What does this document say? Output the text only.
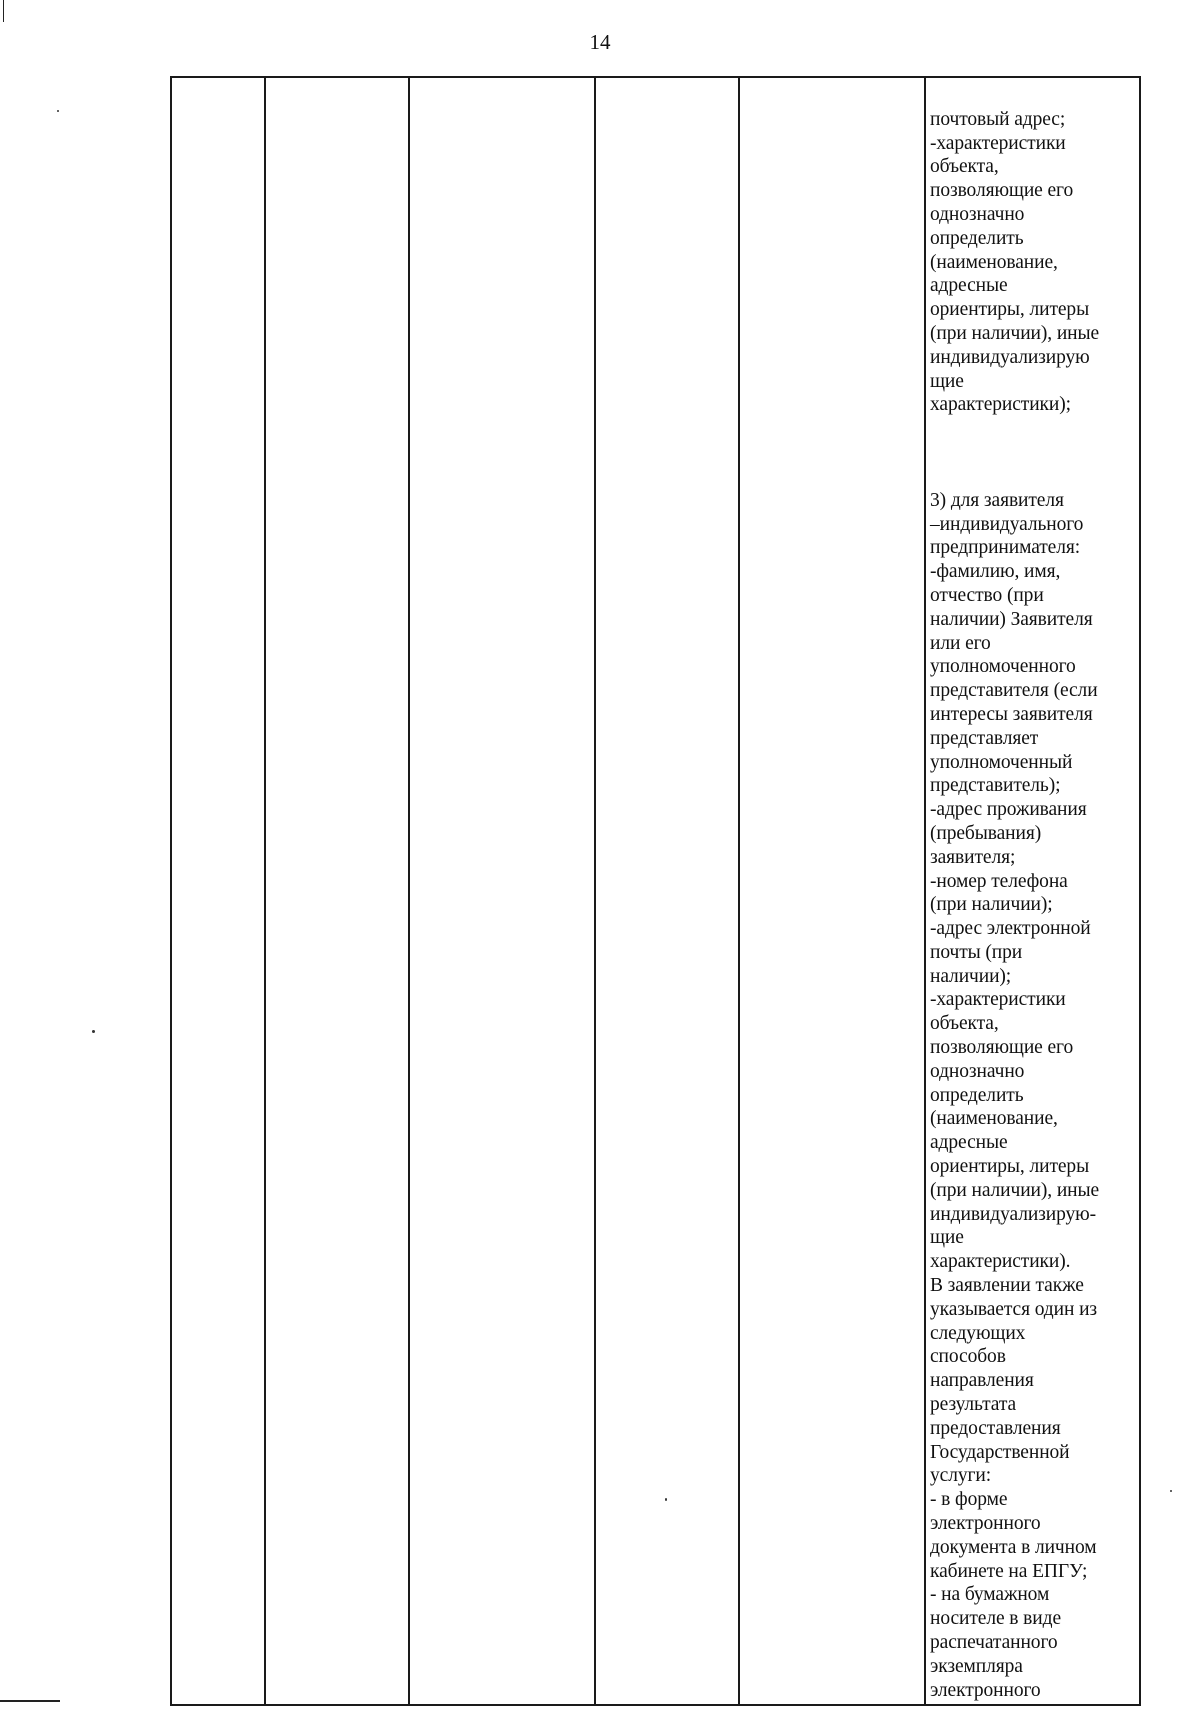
14

почтовый адрес;
-характеристики
объекта,
позволяющие его
однозначно
определить
(наименование,
адресные
ориентиры, литеры
(при наличии), иные
индивидуализирую
щие
характеристики);

3) для заявителя
–индивидуального
предпринимателя:
-фамилию, имя,
отчество (при
наличии) Заявителя
или его
уполномоченного
представителя (если
интересы заявителя
представляет
уполномоченный
представитель);
-адрес проживания
(пребывания)
заявителя;
-номер телефона
(при наличии);
-адрес электронной
почты (при
наличии);
-характеристики
объекта,
позволяющие его
однозначно
определить
(наименование,
адресные
ориентиры, литеры
(при наличии), иные
индивидуализирую-
щие
характеристики).
В заявлении также
указывается один из
следующих
способов
направления
результата
предоставления
Государственной
услуги:
- в форме
электронного
документа в личном
кабинете на ЕПГУ;
- на бумажном
носителе в виде
распечатанного
экземпляра
электронного
